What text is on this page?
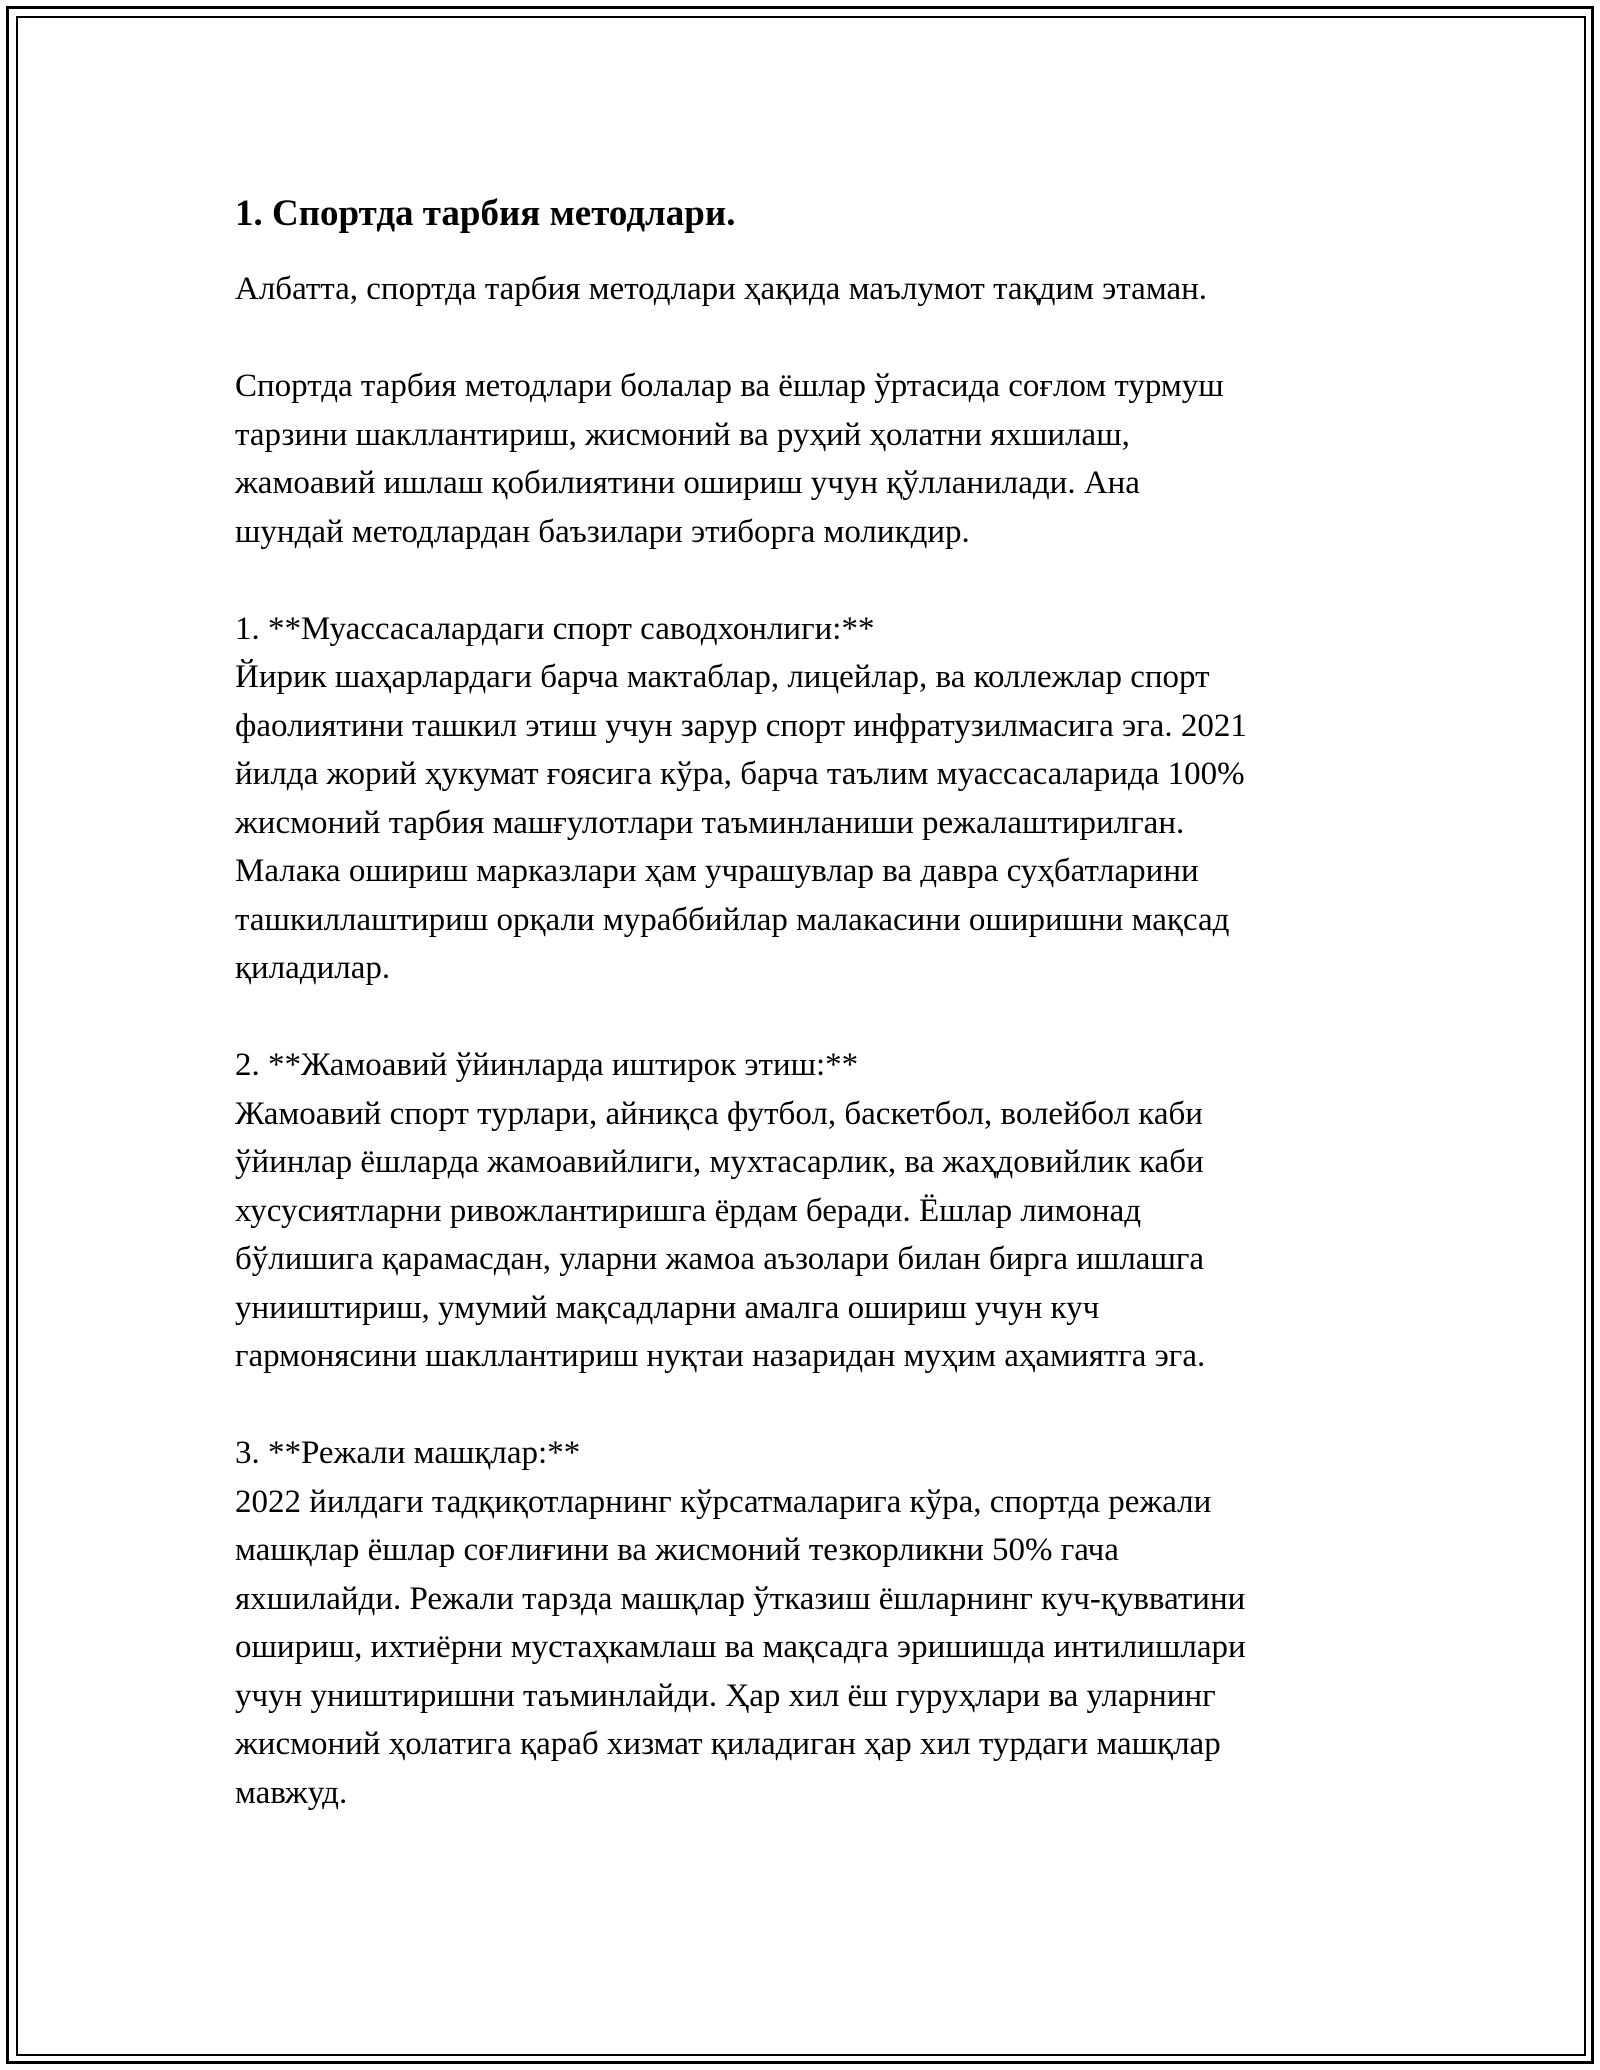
1. Спортда тарбия методлари.

Албатта, спортда тарбия методлари ҳақида маълумот тақдим этаман.

Спортда тарбия методлари болалар ва ёшлар ўртасида соғлом турмуш
тарзини шакллантириш, жисмоний ва руҳий ҳолатни яхшилаш,
жамоавий ишлаш қобилиятини ошириш учун қўлланилади. Ана
шундай методлардан баъзилари этиборга моликдир.

1. **Муассасалардаги спорт саводхонлиги:**

Йирик шаҳарлардаги барча мактаблар, лицейлар, ва коллежлар спорт
фаолиятини ташкил этиш учун зарур спорт инфратузилмасига эга. 2021
йилда жорий ҳукумат ғоясига кўра, барча таълим муассасаларида 100%
жисмоний тарбия машғулотлари таъминланиши режалаштирилган.
Малака ошириш марказлари ҳам учрашувлар ва давра суҳбатларини
ташкиллаштириш орқали мураббийлар малакасини оширишни мақсад
қиладилар.

2. **Жамоавий ўйинларда иштирок этиш:**

Жамоавий спорт турлари, айниқса футбол, баскетбол, волейбол каби
ўйинлар ёшларда жамоавийлиги, мухтасарлик, ва жаҳдовийлик каби
хусусиятларни ривожлантиришга ёрдам беради. Ёшлар лимонад
бўлишига қарамасдан, уларни жамоа аъзолари билан бирга ишлашга
унииштириш, умумий мақсадларни амалга ошириш учун куч
гармонясини шакллантириш нуқтаи назаридан муҳим аҳамиятга эга.

3. **Режали машқлар:**

2022 йилдаги тадқиқотларнинг кўрсатмаларига кўра, спортда режали
машқлар ёшлар соғлиғини ва жисмоний тезкорликни 50% гача
яхшилайди. Режали тарзда машқлар ўтказиш ёшларнинг куч-қувватини
ошириш, ихтиёрни мустаҳкамлаш ва мақсадга эришишда интилишлари
учун уништиришни таъминлайди. Ҳар хил ёш гуруҳлари ва уларнинг
жисмоний ҳолатига қараб хизмат қиладиган ҳар хил турдаги машқлар
мавжуд.
